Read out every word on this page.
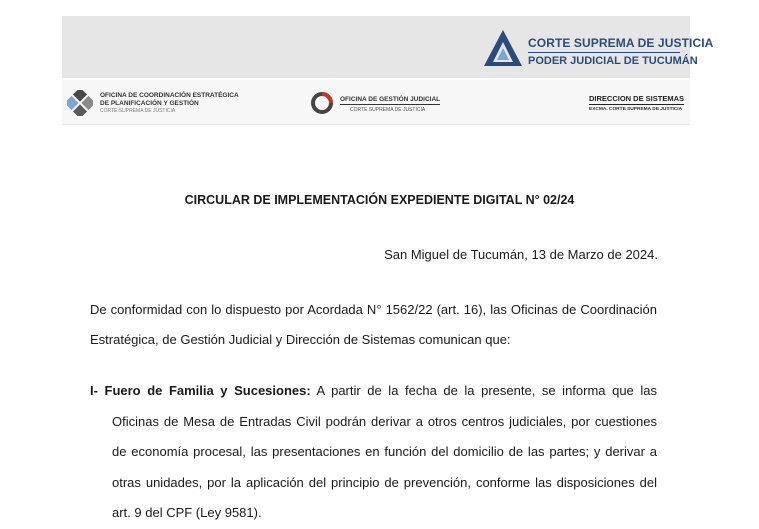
CORTE SUPREMA DE JUSTICIA
PODER JUDICIAL DE TUCUMÁN
OFICINA DE COORDINACIÓN ESTRATÉGICA
DE PLANIFICACIÓN Y GESTIÓN
CORTE SUPREMA DE JUSTICIA
OFICINA DE GESTIÓN JUDICIAL
CORTE SUPREMA DE JUSTICIA
DIRECCION DE SISTEMAS
EXCMA. CORTE SUPREMA DE JUSTICIA
CIRCULAR DE IMPLEMENTACIÓN EXPEDIENTE DIGITAL N° 02/24
San Miguel de Tucumán, 13 de Marzo de 2024.

De conformidad con lo dispuesto por Acordada N° 1562/22 (art. 16), las Oficinas de Coordinación Estratégica, de Gestión Judicial y Dirección de Sistemas comunican que:

I- Fuero de Familia y Sucesiones: A partir de la fecha de la presente, se informa que las Oficinas de Mesa de Entradas Civil podrán derivar a otros centros judiciales, por cuestiones de economía procesal, las presentaciones en función del domicilio de las partes; y derivar a otras unidades, por la aplicación del principio de prevención, conforme las disposiciones del art. 9 del CPF (Ley 9581).
